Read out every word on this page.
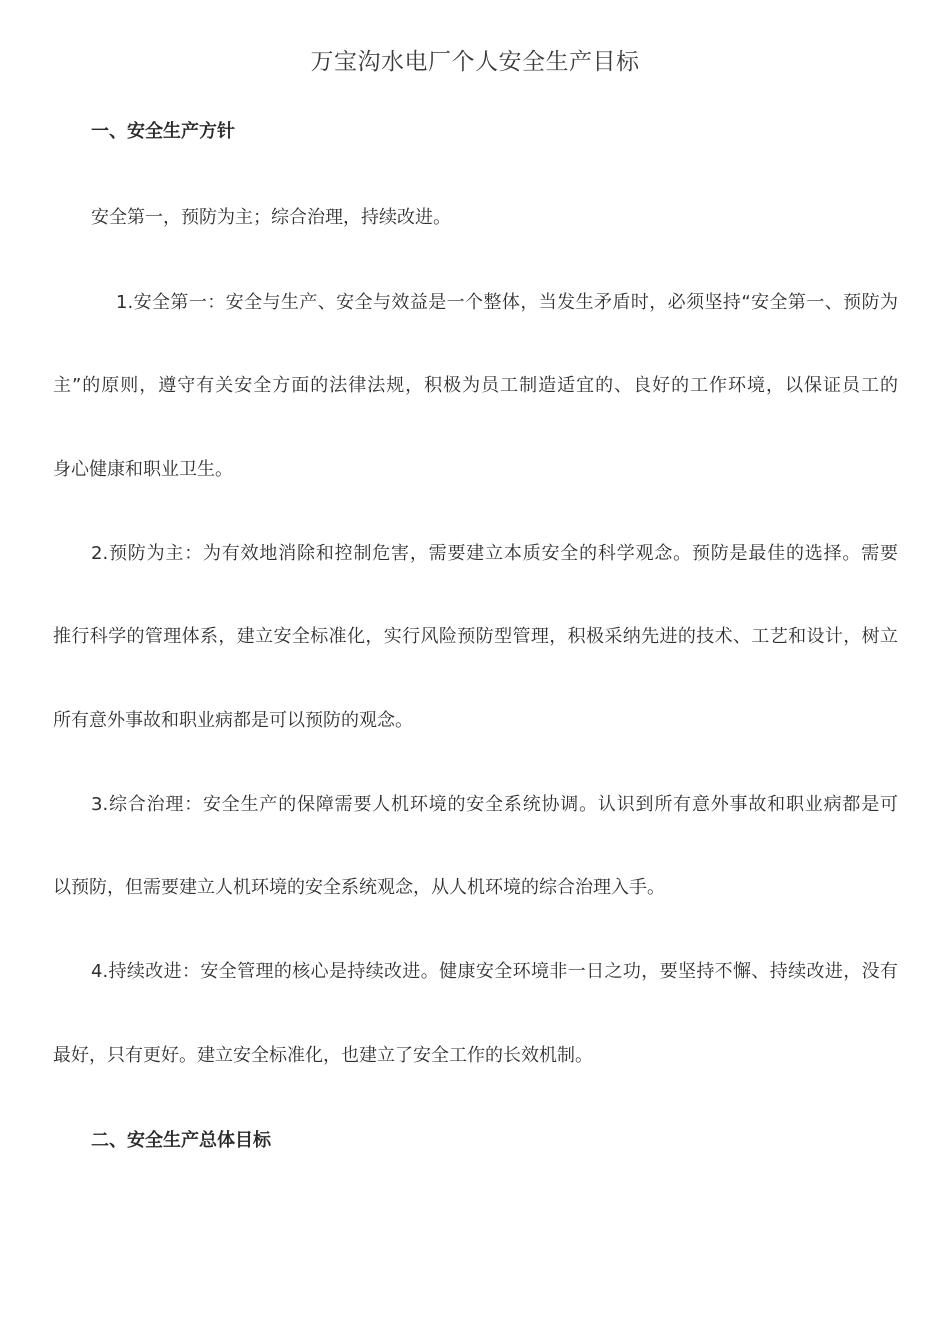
万宝沟水电厂个人安全生产目标
一、安全生产方针
安全第一，预防为主；综合治理，持续改进。
1.安全第一：安全与生产、安全与效益是一个整体，当发生矛盾时，必须坚持“安全第一、预防为
主”的原则，遵守有关安全方面的法律法规，积极为员工制造适宜的、良好的工作环境，以保证员工的
身心健康和职业卫生。
2.预防为主：为有效地消除和控制危害，需要建立本质安全的科学观念。预防是最佳的选择。需要
推行科学的管理体系，建立安全标准化，实行风险预防型管理，积极采纳先进的技术、工艺和设计，树立
所有意外事故和职业病都是可以预防的观念。
3.综合治理：安全生产的保障需要人机环境的安全系统协调。认识到所有意外事故和职业病都是可
以预防，但需要建立人机环境的安全系统观念，从人机环境的综合治理入手。
4.持续改进：安全管理的核心是持续改进。健康安全环境非一日之功，要坚持不懈、持续改进，没有
最好，只有更好。建立安全标准化，也建立了安全工作的长效机制。
二、安全生产总体目标
